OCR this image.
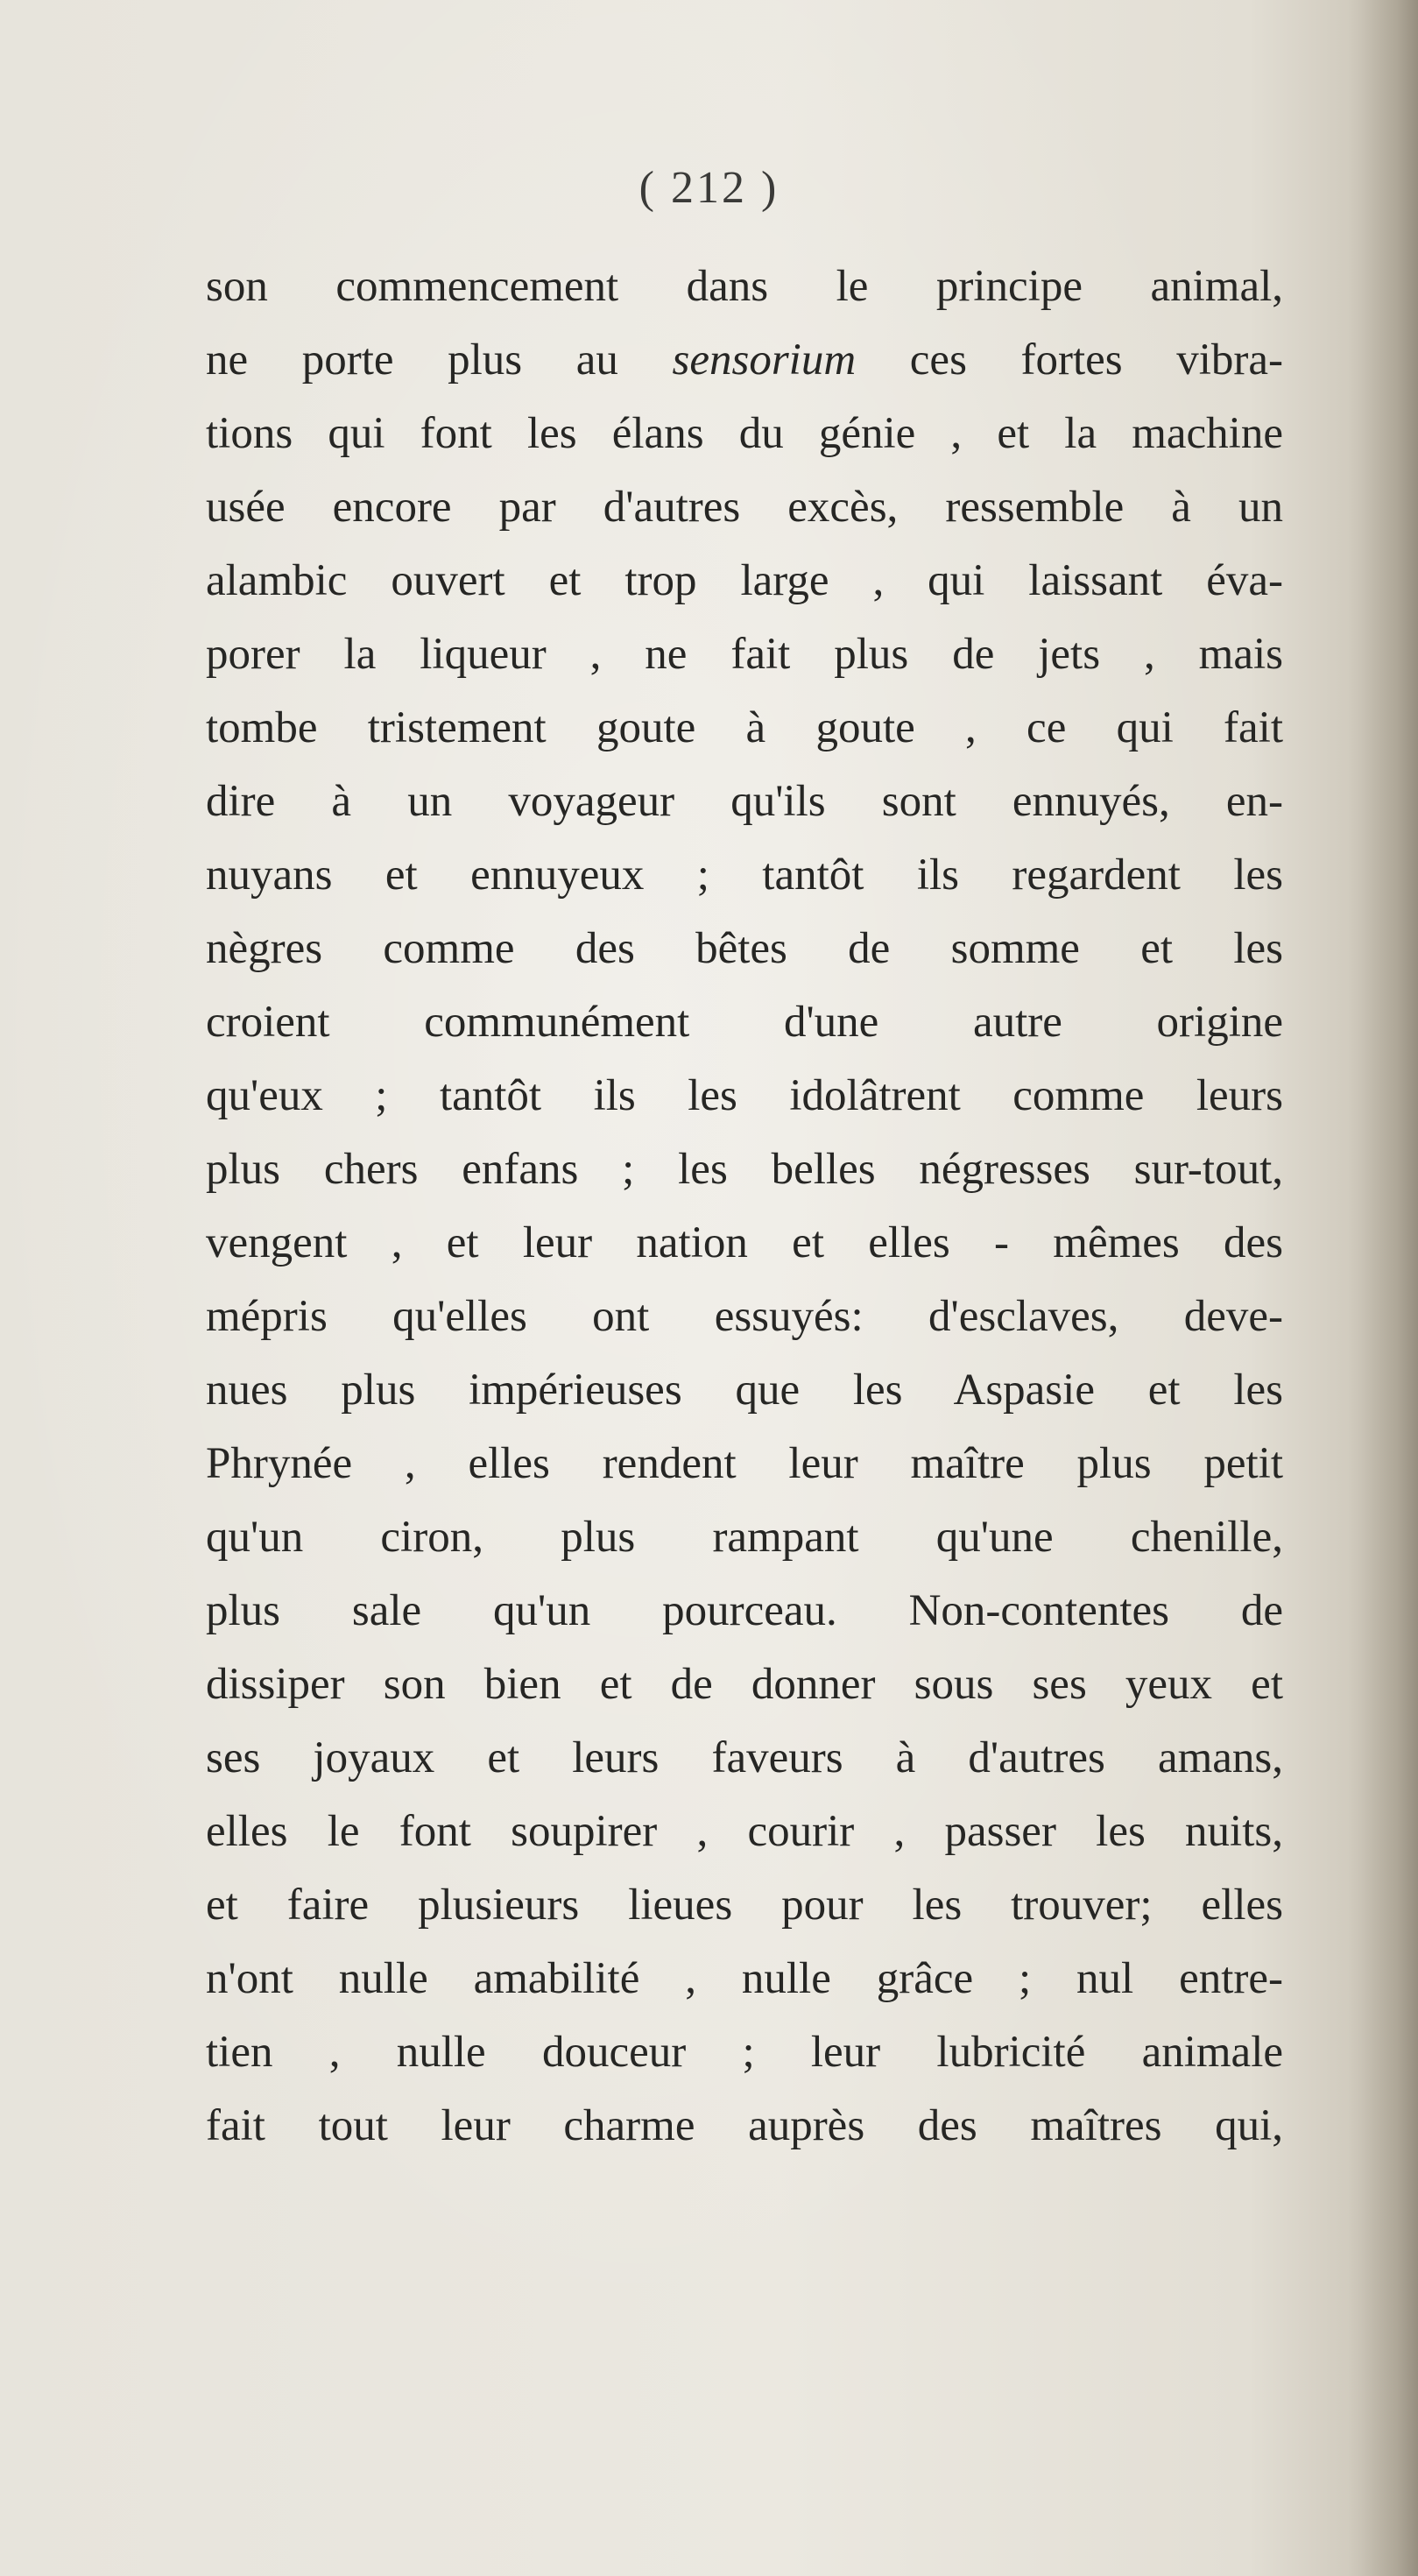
( 212 )
son commencement dans le principe animal,
ne porte plus au sensorium ces fortes vibra-
tions qui font les élans du génie , et la machine
usée encore par d'autres excès, ressemble à un
alambic ouvert et trop large , qui laissant éva-
porer la liqueur , ne fait plus de jets , mais
tombe tristement goute à goute , ce qui fait
dire à un voyageur qu'ils sont ennuyés, en-
nuyans et ennuyeux ; tantôt ils regardent les
nègres comme des bêtes de somme et les
croient communément d'une autre origine
qu'eux ; tantôt ils les idolâtrent comme leurs
plus chers enfans ; les belles négresses sur-tout,
vengent , et leur nation et elles - mêmes des
mépris qu'elles ont essuyés: d'esclaves, deve-
nues plus impérieuses que les Aspasie et les
Phrynée , elles rendent leur maître plus petit
qu'un ciron, plus rampant qu'une chenille,
plus sale qu'un pourceau. Non-contentes de
dissiper son bien et de donner sous ses yeux et
ses joyaux et leurs faveurs à d'autres amans,
elles le font soupirer , courir , passer les nuits,
et faire plusieurs lieues pour les trouver; elles
n'ont nulle amabilité , nulle grâce ; nul entre-
tien , nulle douceur ; leur lubricité animale
fait tout leur charme auprès des maîtres qui,
